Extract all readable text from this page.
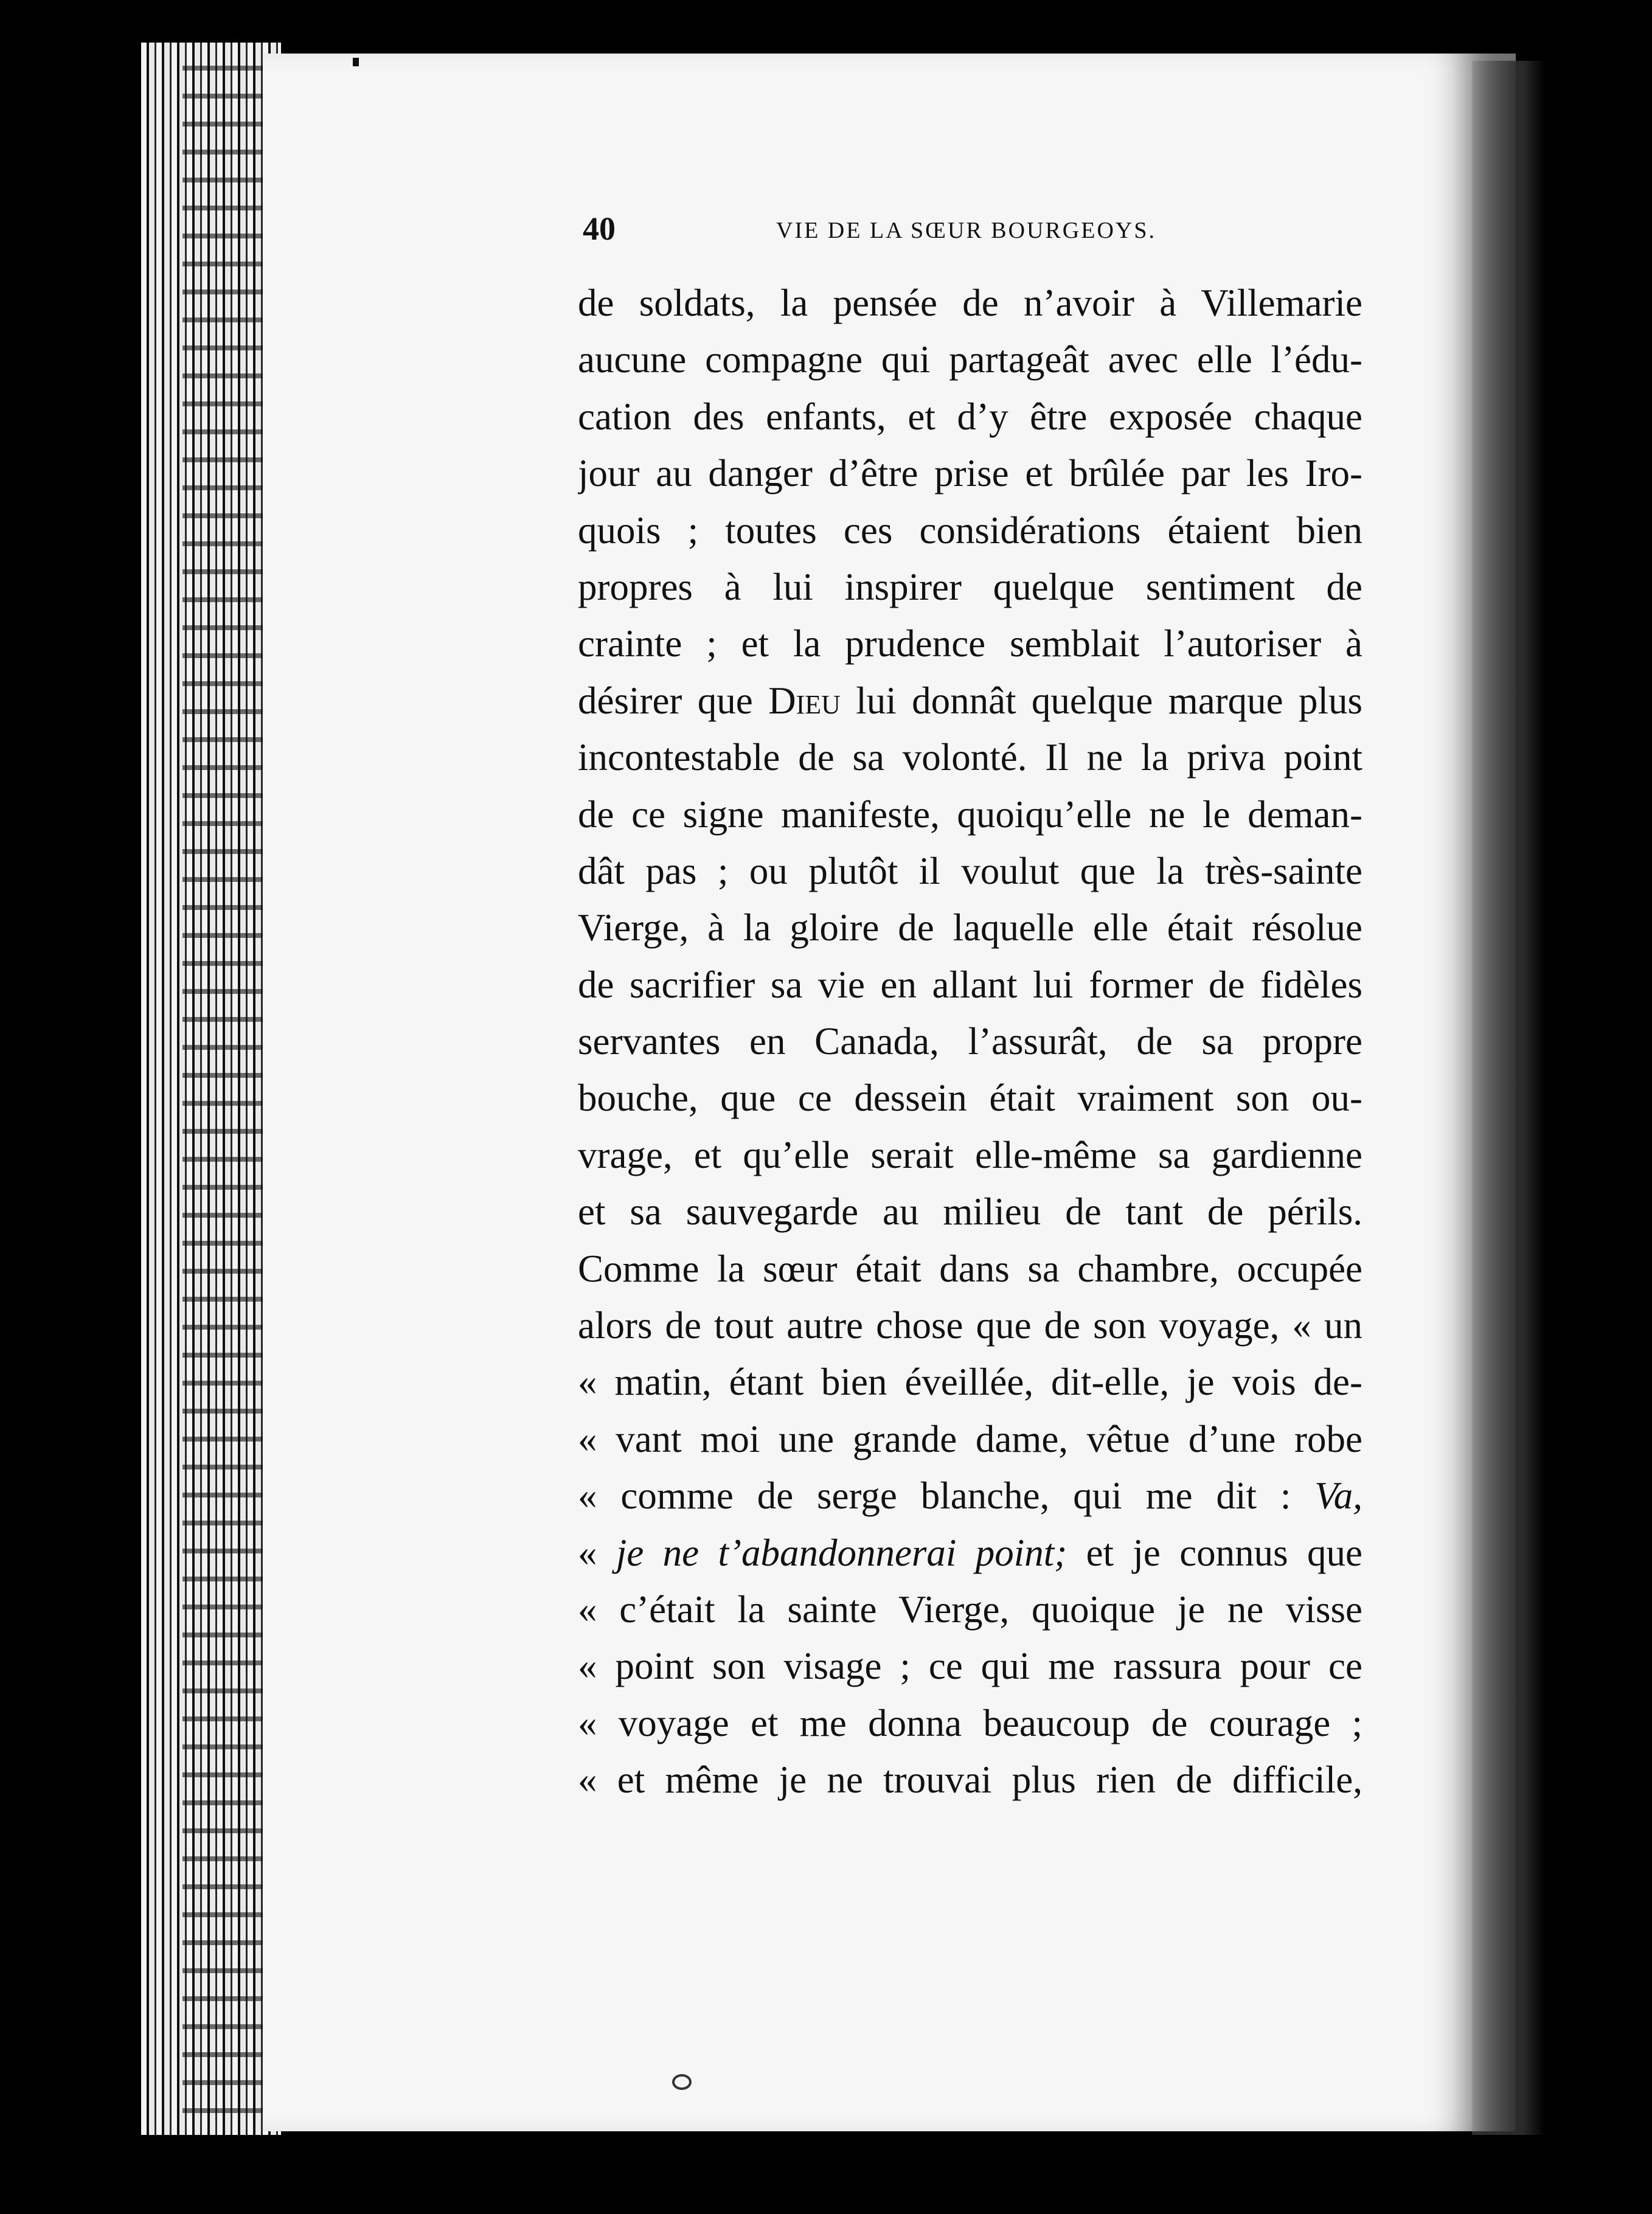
40	VIE DE LA SŒUR BOURGEOYS.
de soldats, la pensée de n’avoir à Villemarie
aucune compagne qui partageât avec elle l’édu-
cation des enfants, et d’y être exposée chaque
jour au danger d’être prise et brûlée par les Iro-
quois ; toutes ces considérations étaient bien
propres à lui inspirer quelque sentiment de
crainte ; et la prudence semblait l’autoriser à
désirer que Dieu lui donnât quelque marque plus
incontestable de sa volonté. Il ne la priva point
de ce signe manifeste, quoiqu’elle ne le deman-
dât pas ; ou plutôt il voulut que la très-sainte
Vierge, à la gloire de laquelle elle était résolue
de sacrifier sa vie en allant lui former de fidèles
servantes en Canada, l’assurât, de sa propre
bouche, que ce dessein était vraiment son ou-
vrage, et qu’elle serait elle-même sa gardienne
et sa sauvegarde au milieu de tant de périls.
Comme la sœur était dans sa chambre, occupée
alors de tout autre chose que de son voyage, « un
« matin, étant bien éveillée, dit-elle, je vois de-
« vant moi une grande dame, vêtue d’une robe
« comme de serge blanche, qui me dit : Va,
« je ne t’abandonnerai point; et je connus que
« c’était la sainte Vierge, quoique je ne visse
« point son visage ; ce qui me rassura pour ce
« voyage et me donna beaucoup de courage ;
« et même je ne trouvai plus rien de difficile,
